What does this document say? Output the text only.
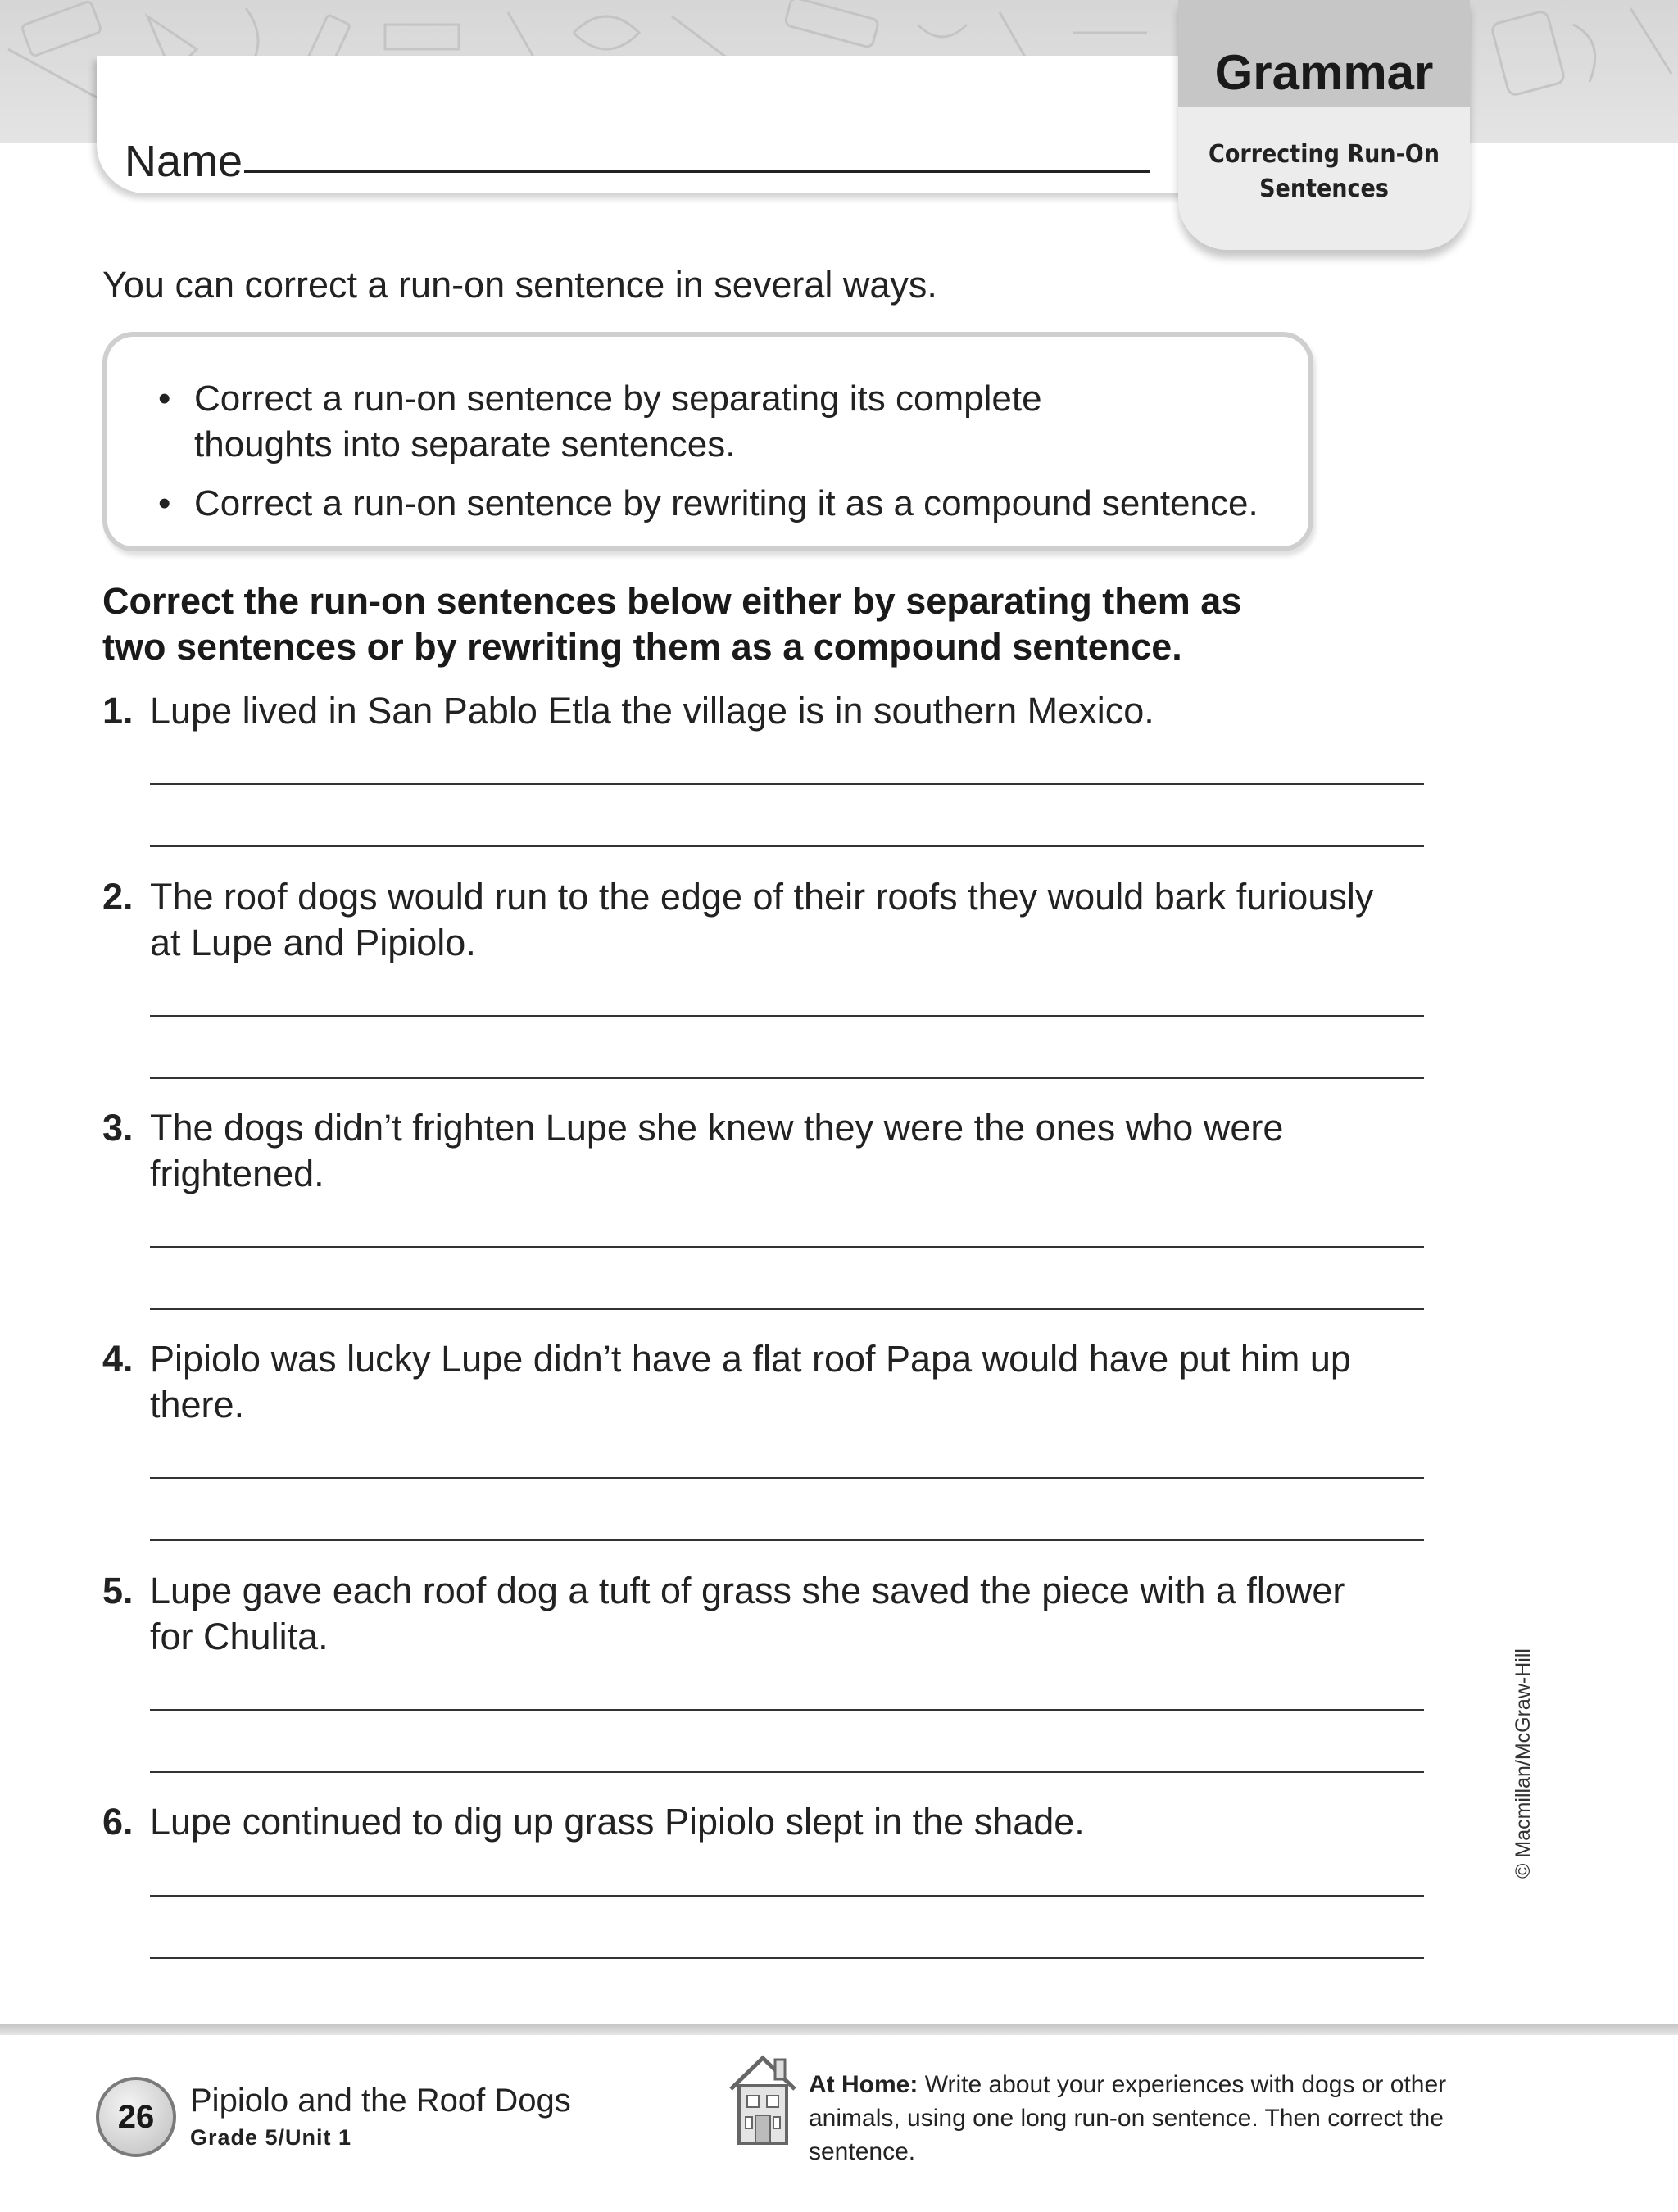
Name
Grammar
Correcting Run-On
Sentences
You can correct a run-on sentence in several ways.
• Correct a run-on sentence by separating its complete
thoughts into separate sentences.
• Correct a run-on sentence by rewriting it as a compound sentence.
Correct the run-on sentences below either by separating them as
two sentences or by rewriting them as a compound sentence.
1. Lupe lived in San Pablo Etla the village is in southern Mexico.
2. The roof dogs would run to the edge of their roofs they would bark furiously
at Lupe and Pipiolo.
3. The dogs didn’t frighten Lupe she knew they were the ones who were
frightened.
4. Pipiolo was lucky Lupe didn’t have a flat roof Papa would have put him up
there.
5. Lupe gave each roof dog a tuft of grass she saved the piece with a flower
for Chulita.
6. Lupe continued to dig up grass Pipiolo slept in the shade.	© Macmillan/McGraw-Hill
26	Pipiolo and the Roof Dogs
Grade 5/Unit 1
At Home: Write about your experiences with dogs or other
animals, using one long run-on sentence. Then correct the
sentence.
